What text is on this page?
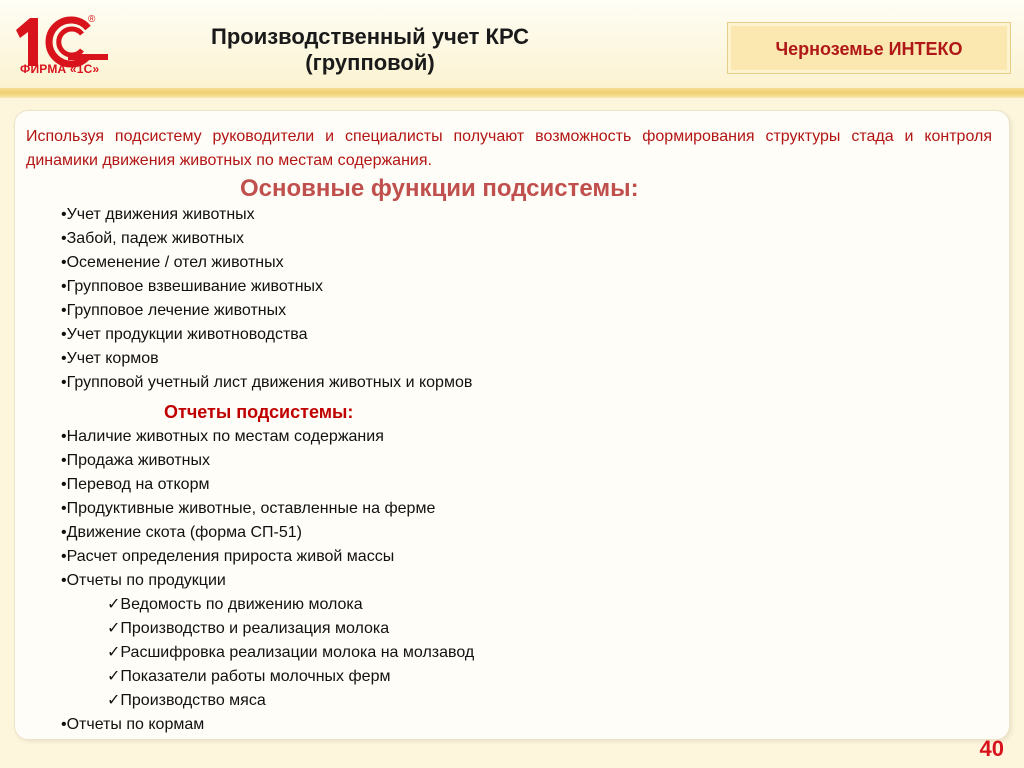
®
ФИРМА «1С»
Производственный учет КРС
(групповой)
Черноземье ИНТЕКО
Используя подсистему руководители и специалисты получают возможность формирования структуры стада и контроля динамики движения животных по местам содержания.
Основные функции подсистемы:
•Учет движения животных
•Забой, падеж животных
•Осеменение / отел животных
•Групповое взвешивание животных
•Групповое лечение животных
•Учет продукции животноводства
•Учет кормов
•Групповой учетный лист движения животных и кормов
Отчеты подсистемы:
•Наличие животных по местам содержания
•Продажа животных
•Перевод на откорм
•Продуктивные животные, оставленные на ферме
•Движение скота (форма СП-51)
•Расчет определения прироста живой массы
•Отчеты по продукции
✓Ведомость по движению молока
✓Производство и реализация молока
✓Расшифровка реализации молока на молзавод
✓Показатели работы молочных ферм
✓Производство мяса
•Отчеты по кормам
40
